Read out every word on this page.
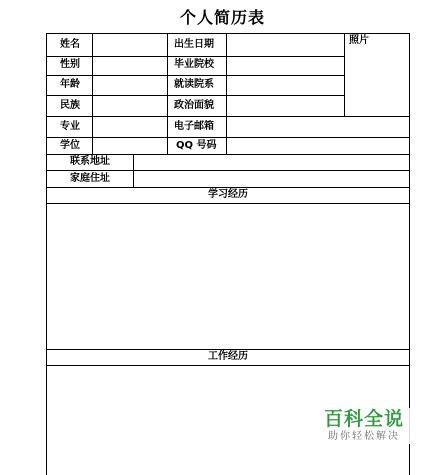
个人简历表
姓名	出生日期	照片
性别	毕业院校
年龄	就读院系
民族	政治面貌
专业	电子邮箱
学位	QQ 号码
联系地址
家庭住址
学习经历
工作经历
百科全说
助你轻松解决
